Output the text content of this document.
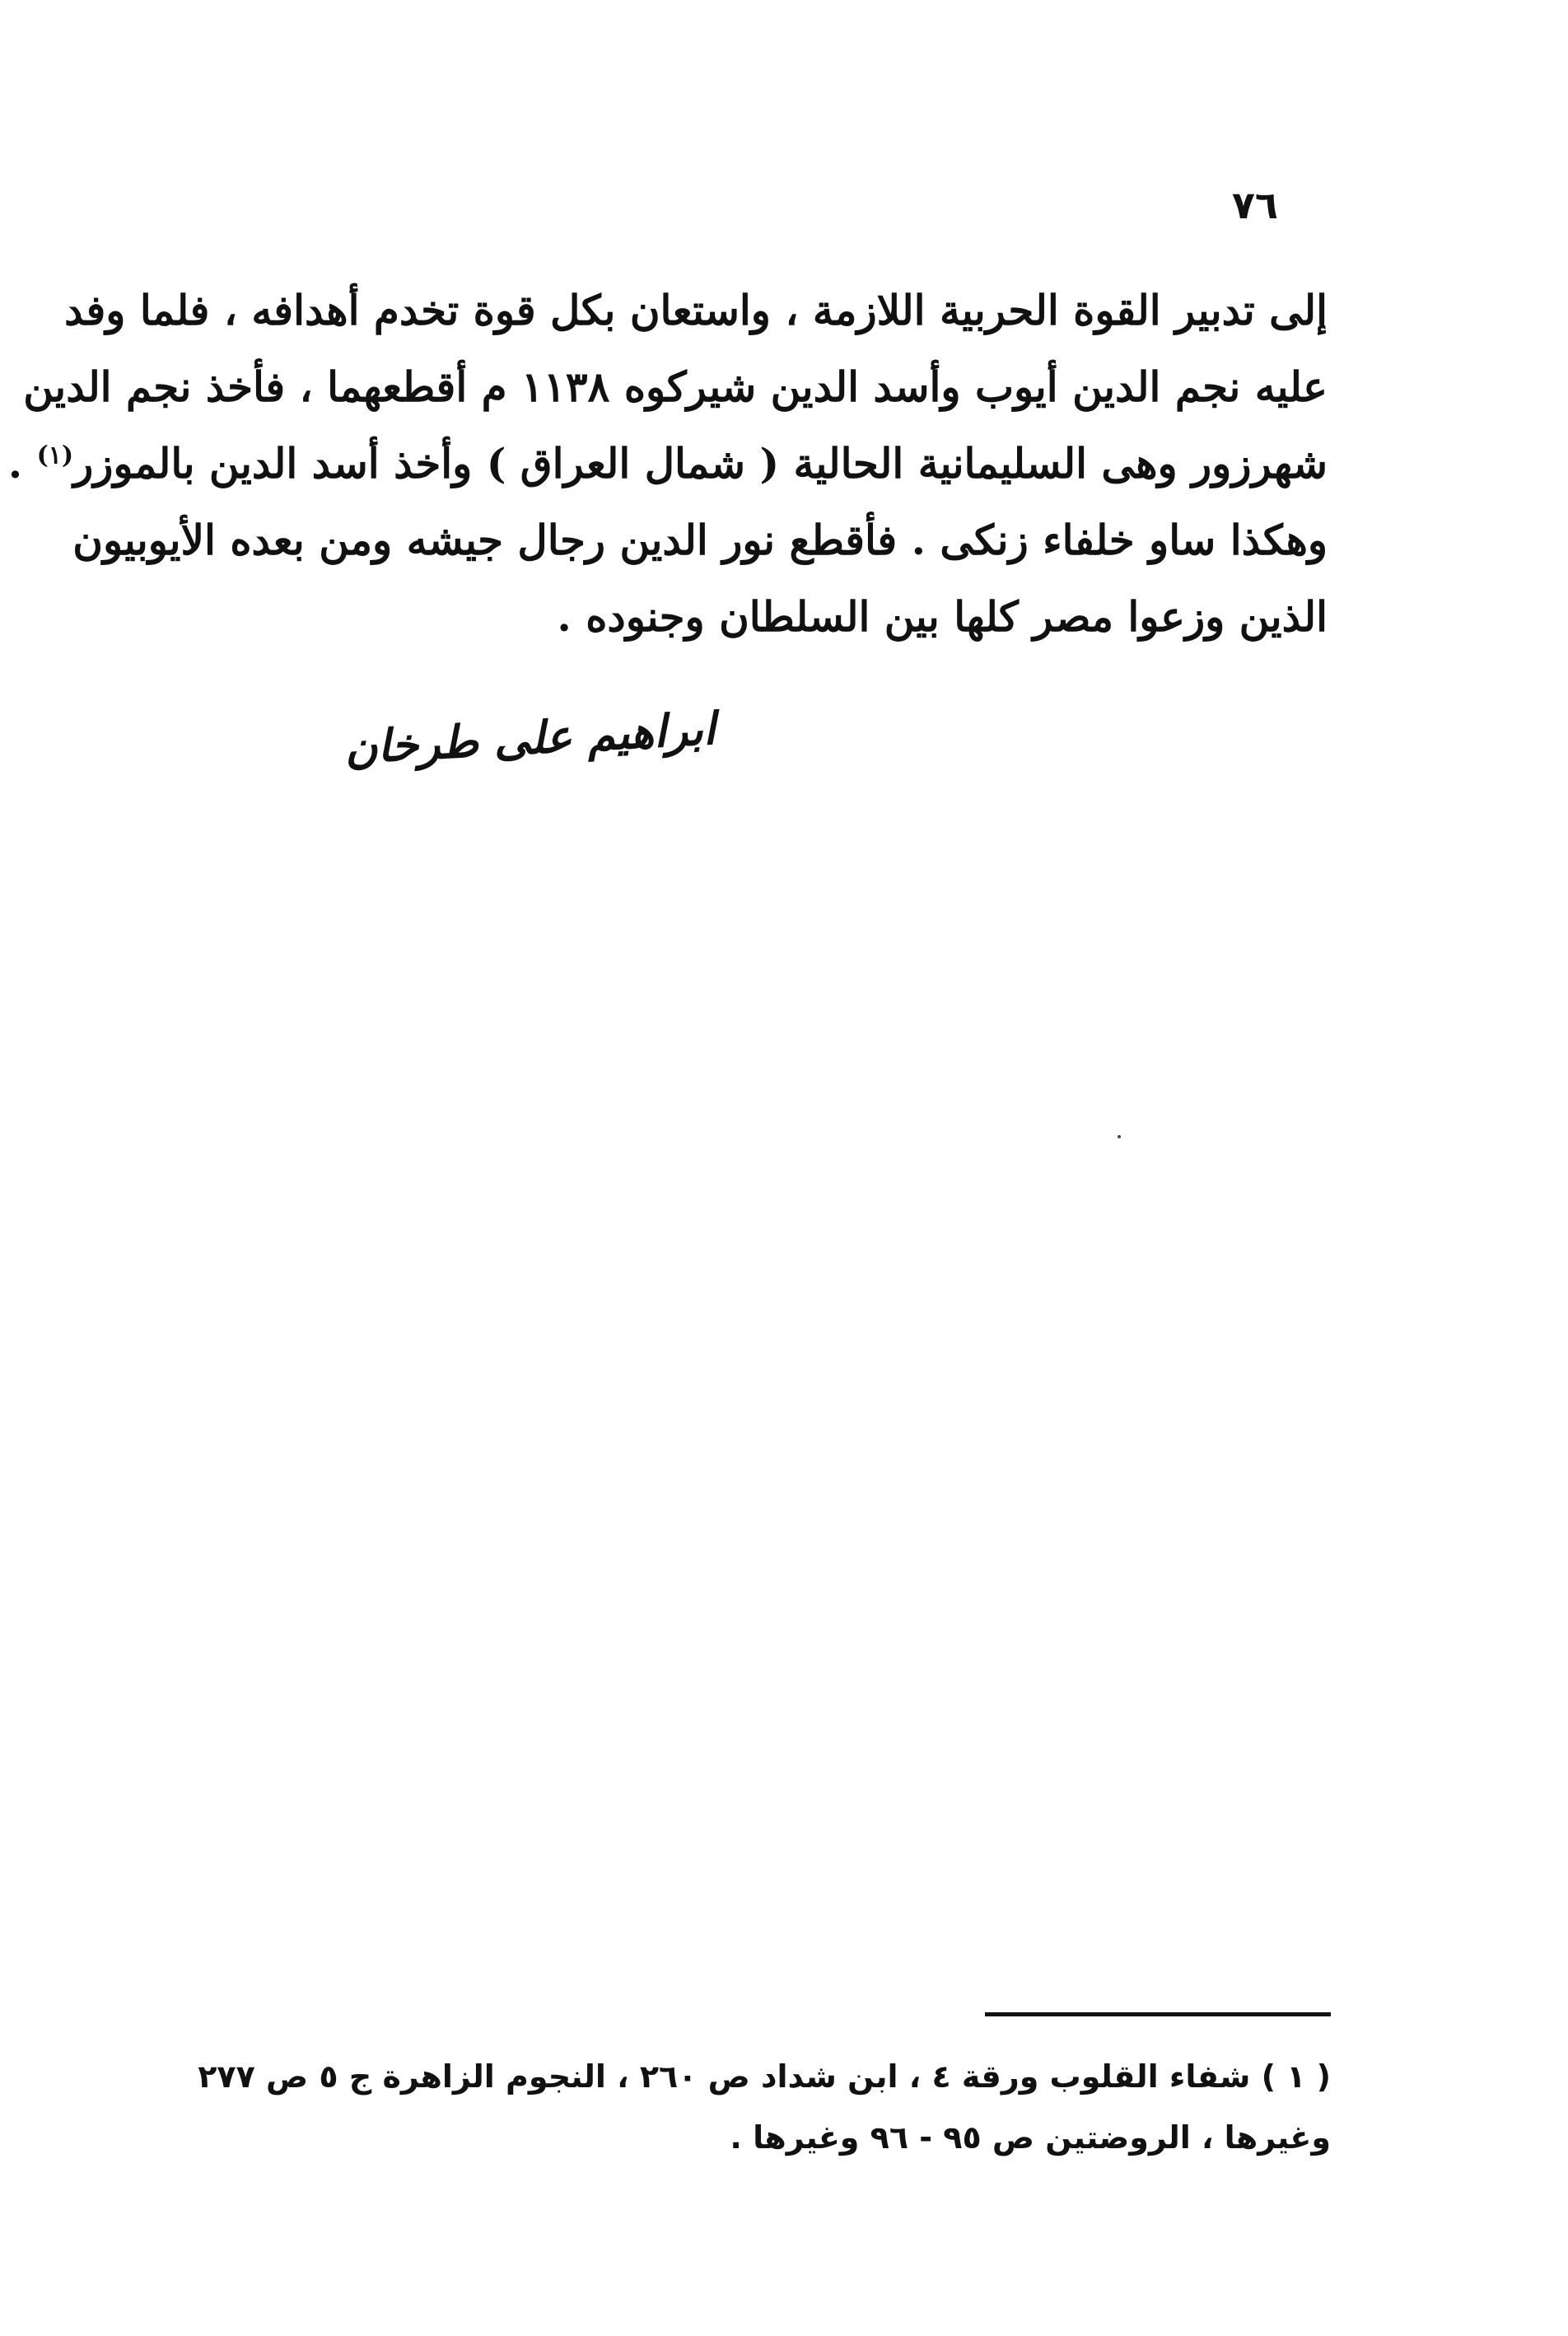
٧٦

إلى تدبير القوة الحربية اللازمة ، واستعان بكل قوة تخدم أهدافه ، فلما وفد

عليه نجم الدين أيوب وأسد الدين شيركوه ١١٣٨ م أقطعهما ، فأخذ نجم الدين

شهرزور وهى السليمانية الحالية ( شمال العراق ) وأخذ أسد الدين بالموزر$^{(١)}$ .

وهكذا ساو خلفاء زنكى . فأقطع نور الدين رجال جيشه ومن بعده الأيوبيون

الذين وزعوا مصر كلها بين السلطان وجنوده .

ابراهيم على طرخان

( ١ ) شفاء القلوب ورقة ٤ ، ابن شداد ص ٢٦٠ ، النجوم الزاهرة ج ٥ ص ٢٧٧

وغيرها ، الروضتين ص ٩٥ - ٩٦ وغيرها .
